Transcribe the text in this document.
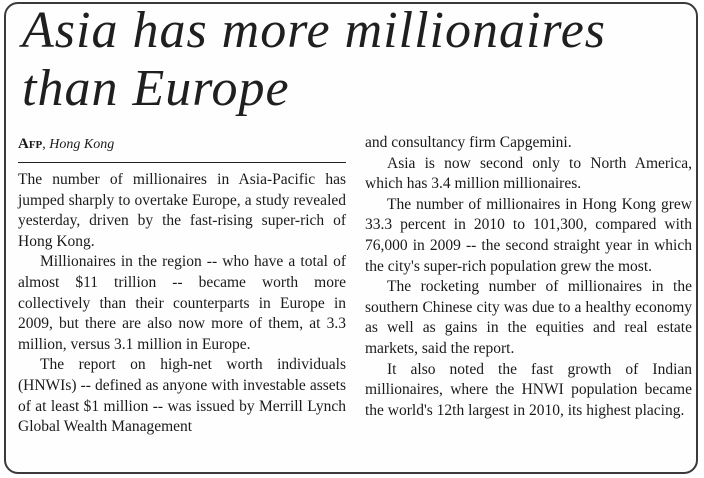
Asia has more millionaires than Europe
Afp, Hong Kong

The number of millionaires in Asia-Pacific has jumped sharply to overtake Europe, a study revealed yesterday, driven by the fast-rising super-rich of Hong Kong.

Millionaires in the region -- who have a total of almost $11 trillion -- became worth more collectively than their counterparts in Europe in 2009, but there are also now more of them, at 3.3 million, versus 3.1 million in Europe.

The report on high-net worth individuals (HNWIs) -- defined as anyone with investable assets of at least $1 million -- was issued by Merrill Lynch Global Wealth Management

and consultancy firm Capgemini.

Asia is now second only to North America, which has 3.4 million millionaires.

The number of millionaires in Hong Kong grew 33.3 percent in 2010 to 101,300, compared with 76,000 in 2009 -- the second straight year in which the city's super-rich population grew the most.

The rocketing number of millionaires in the southern Chinese city was due to a healthy economy as well as gains in the equities and real estate markets, said the report.

It also noted the fast growth of Indian millionaires, where the HNWI population became the world's 12th largest in 2010, its highest placing.
